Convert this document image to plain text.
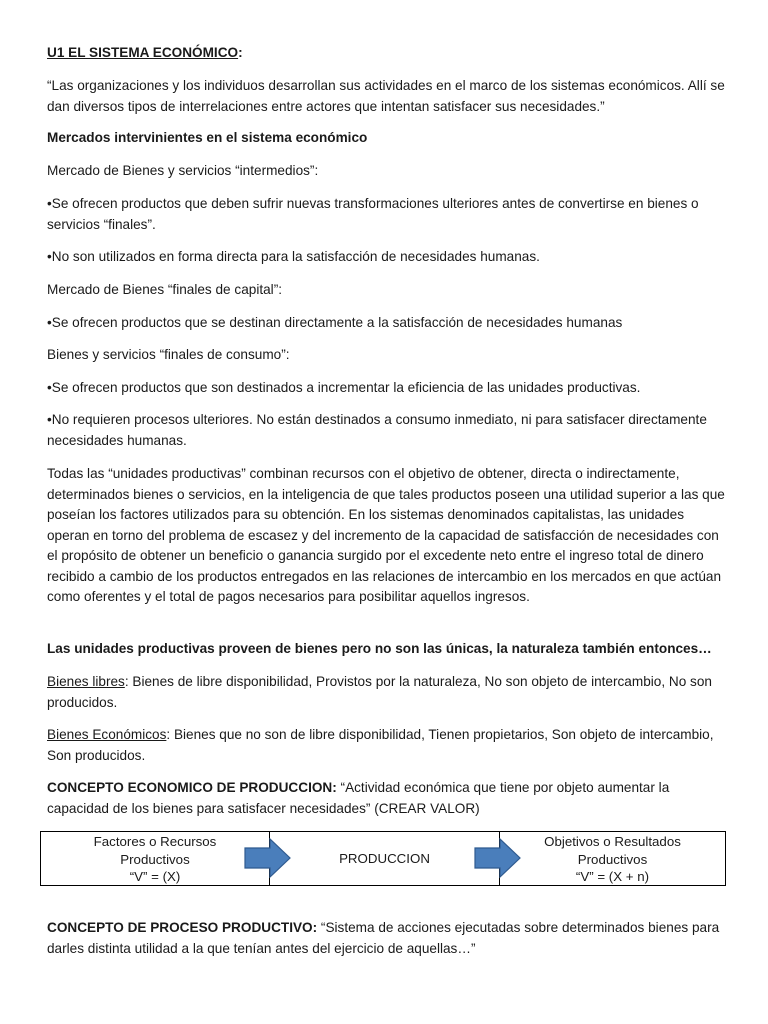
U1 EL SISTEMA ECONÓMICO:

“Las organizaciones y los individuos desarrollan sus actividades en el marco de los sistemas económicos. Allí se dan diversos tipos de interrelaciones entre actores que intentan satisfacer sus necesidades.”

Mercados intervinientes en el sistema económico

Mercado de Bienes y servicios “intermedios”:

•Se ofrecen productos que deben sufrir nuevas transformaciones ulteriores antes de convertirse en bienes o servicios “finales”.

•No son utilizados en forma directa para la satisfacción de necesidades humanas.

Mercado de Bienes “finales de capital”:

•Se ofrecen productos que se destinan directamente a la satisfacción de necesidades humanas

Bienes y servicios “finales de consumo”:

•Se ofrecen productos que son destinados a incrementar la eficiencia de las unidades productivas.

•No requieren procesos ulteriores. No están destinados a consumo inmediato, ni para satisfacer directamente necesidades humanas.

Todas las “unidades productivas” combinan recursos con el objetivo de obtener, directa o indirectamente, determinados bienes o servicios, en la inteligencia de que tales productos poseen una utilidad superior a las que poseían los factores utilizados para su obtención. En los sistemas denominados capitalistas, las unidades operan en torno del problema de escasez y del incremento de la capacidad de satisfacción de necesidades con el propósito de obtener un beneficio o ganancia surgido por el excedente neto entre el ingreso total de dinero recibido a cambio de los productos entregados en las relaciones de intercambio en los mercados en que actúan como oferentes y el total de pagos necesarios para posibilitar aquellos ingresos.

Las unidades productivas proveen de bienes pero no son las únicas, la naturaleza también entonces…

Bienes libres: Bienes de libre disponibilidad, Provistos por la naturaleza, No son objeto de intercambio, No son producidos.

Bienes Económicos: Bienes que no son de libre disponibilidad, Tienen propietarios, Son objeto de intercambio, Son producidos.

CONCEPTO ECONOMICO DE PRODUCCION: “Actividad económica que tiene por objeto aumentar la capacidad de los bienes para satisfacer necesidades” (CREAR VALOR)

CONCEPTO DE PROCESO PRODUCTIVO: “Sistema de acciones ejecutadas sobre determinados bienes para darles distinta utilidad a la que tenían antes del ejercicio de aquellas…”

Factores o Recursos
Productivos
“V” = (X)
PRODUCCION
Objetivos o Resultados
Productivos
“V” = (X + n)
